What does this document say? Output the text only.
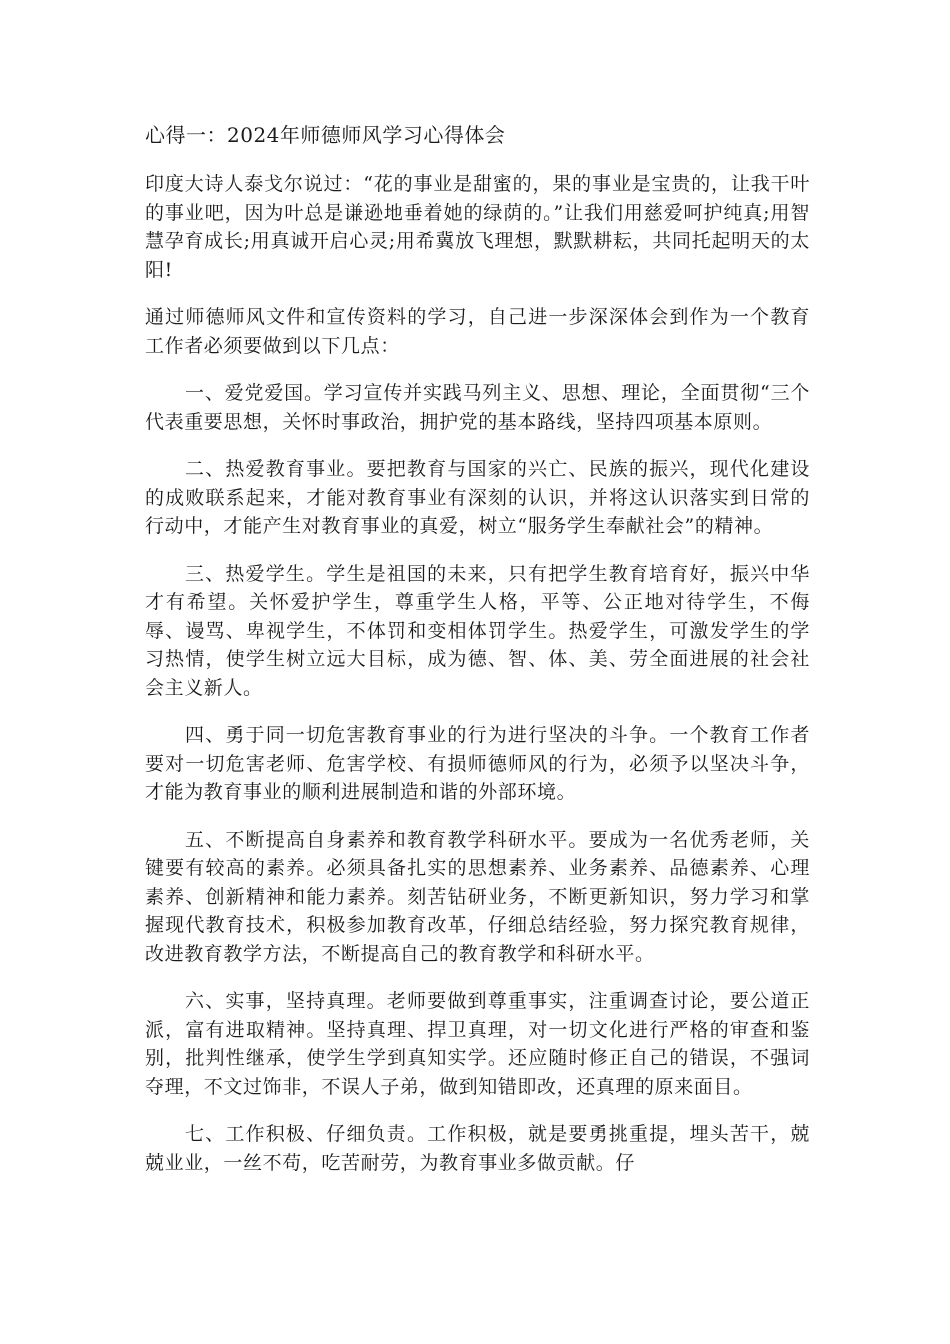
心得一：2024年师德师风学习心得体会

印度大诗人泰戈尔说过：“花的事业是甜蜜的，果的事业是宝贵的，让我干叶的事业吧，因为叶总是谦逊地垂着她的绿荫的。”让我们用慈爱呵护纯真;用智慧孕育成长;用真诚开启心灵;用希冀放飞理想，默默耕耘，共同托起明天的太阳!

通过师德师风文件和宣传资料的学习，自己进一步深深体会到作为一个教育工作者必须要做到以下几点：

一、爱党爱国。学习宣传并实践马列主义、思想、理论，全面贯彻“三个代表重要思想，关怀时事政治，拥护党的基本路线，坚持四项基本原则。

二、热爱教育事业。要把教育与国家的兴亡、民族的振兴，现代化建设的成败联系起来，才能对教育事业有深刻的认识，并将这认识落实到日常的行动中，才能产生对教育事业的真爱，树立“服务学生奉献社会”的精神。

三、热爱学生。学生是祖国的未来，只有把学生教育培育好，振兴中华才有希望。关怀爱护学生，尊重学生人格，平等、公正地对待学生，不侮辱、谩骂、卑视学生，不体罚和变相体罚学生。热爱学生，可激发学生的学习热情，使学生树立远大目标，成为德、智、体、美、劳全面进展的社会社会主义新人。

四、勇于同一切危害教育事业的行为进行坚决的斗争。一个教育工作者要对一切危害老师、危害学校、有损师德师风的行为，必须予以坚决斗争，才能为教育事业的顺利进展制造和谐的外部环境。

五、不断提高自身素养和教育教学科研水平。要成为一名优秀老师，关键要有较高的素养。必须具备扎实的思想素养、业务素养、品德素养、心理素养、创新精神和能力素养。刻苦钻研业务，不断更新知识，努力学习和掌握现代教育技术，积极参加教育改革，仔细总结经验，努力探究教育规律，改进教育教学方法，不断提高自己的教育教学和科研水平。

六、实事，坚持真理。老师要做到尊重事实，注重调查讨论，要公道正派，富有进取精神。坚持真理、捍卫真理，对一切文化进行严格的审查和鉴别，批判性继承，使学生学到真知实学。还应随时修正自己的错误，不强词夺理，不文过饰非，不误人子弟，做到知错即改，还真理的原来面目。

七、工作积极、仔细负责。工作积极，就是要勇挑重提，埋头苦干，兢兢业业，一丝不苟，吃苦耐劳，为教育事业多做贡献。仔
